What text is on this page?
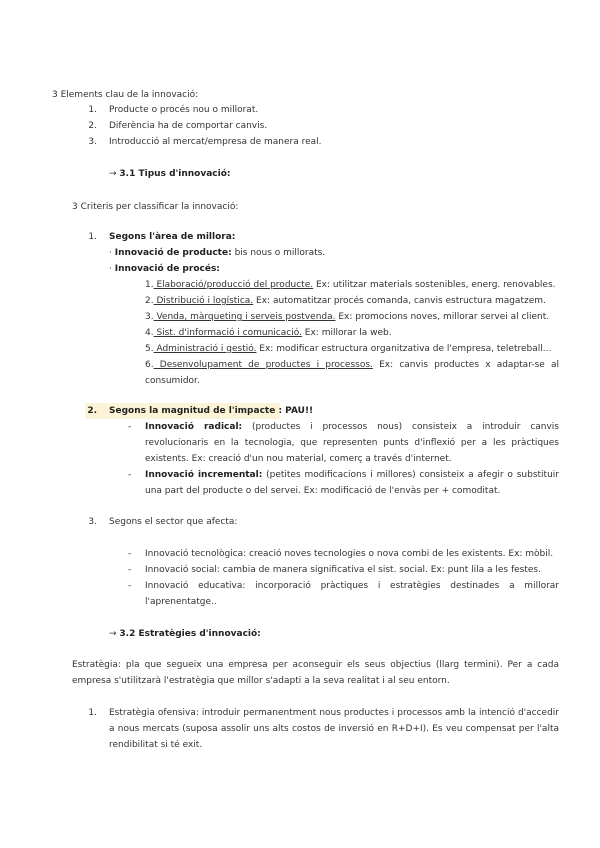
3 Elements clau de la innovació:
1. Producte o procés nou o millorat.
2. Diferència ha de comportar canvis.
3. Introducció al mercat/empresa de manera real.
→ 3.1 Tipus d'innovació:
3 Criteris per classificar la innovació:
1. Segons l'àrea de millora:
· Innovació de producte: bis nous o millorats.
· Innovació de procés:
1. Elaboració/producció del producte. Ex: utilitzar materials sostenibles, energ. renovables.
2. Distribució i logística. Ex: automatitzar procés comanda, canvis estructura magatzem.
3. Venda, màrqueting i serveis postvenda. Ex: promocions noves, millorar servei al client.
4. Sist. d'informació i comunicació. Ex: millorar la web.
5. Administració i gestió. Ex: modificar estructura organitzativa de l'empresa, teletreball...
6. Desenvolupament de productes i processos. Ex: canvis productes x adaptar-se al consumidor.
2. Segons la magnitud de l'impacte : PAU!!
- Innovació radical: (productes i processos nous) consisteix a introduir canvis revolucionaris en la tecnologia, que representen punts d'inflexió per a les pràctiques existents. Ex: creació d'un nou material, comerç a través d'internet.
- Innovació incremental: (petites modificacions i millores) consisteix a afegir o substituir una part del producte o del servei. Ex: modificació de l'envàs per + comoditat.
3. Segons el sector que afecta:
- Innovació tecnològica: creació noves tecnologies o nova combi de les existents. Ex: mòbil.
- Innovació social: cambia de manera significativa el sist. social. Ex: punt lila a les festes.
- Innovació educativa: incorporació pràctiques i estratègies destinades a millorar l'aprenentatge..
→ 3.2 Estratègies d'innovació:
Estratègia: pla que segueix una empresa per aconseguir els seus objectius (llarg termini). Per a cada empresa s'utilitzarà l'estratègia que millor s'adapti a la seva realitat i al seu entorn.
1. Estratègia ofensiva: introduir permanentment nous productes i processos amb la intenció d'accedir a nous mercats (suposa assolir uns alts costos de inversió en R+D+I). Es veu compensat per l'alta rendibilitat si té exit.
